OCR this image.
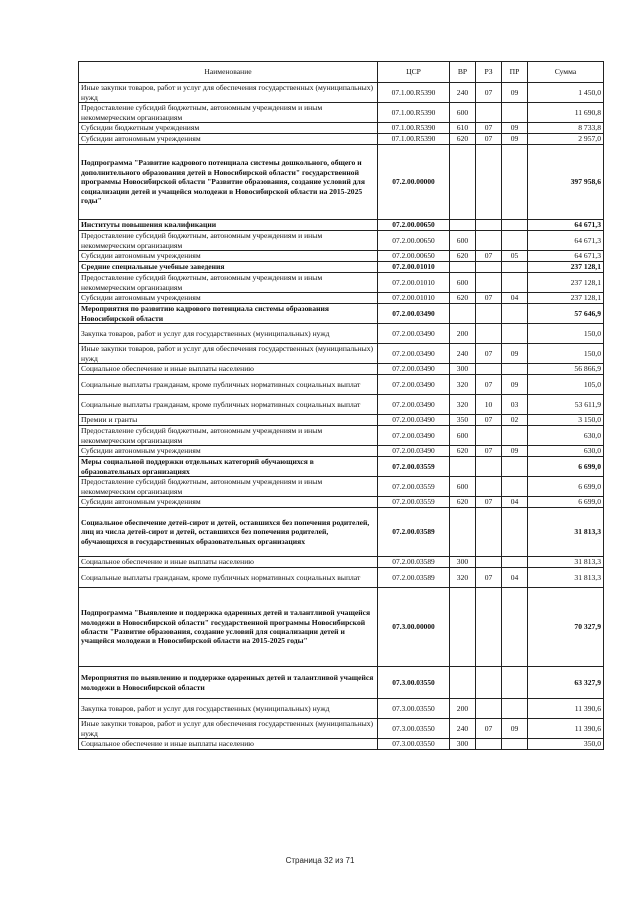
Наименование	ЦСР	ВР	РЗ	ПР	Сумма
Иные закупки товаров, работ и услуг для обеспечения государственных (муниципальных) нужд	07.1.00.R5390	240	07	09	1 450,0
Предоставление субсидий бюджетным, автономным учреждениям и иным некоммерческим организациям	07.1.00.R5390	600			11 690,8
Субсидии бюджетным учреждениям	07.1.00.R5390	610	07	09	8 733,8
Субсидии автономным учреждениям	07.1.00.R5390	620	07	09	2 957,0
Подпрограмма "Развитие кадрового потенциала системы дошкольного, общего и дополнительного образования детей в Новосибирской области" государственной программы Новосибирской области "Развитие образования, создание условий для социализации детей и учащейся молодежи в Новосибирской области на 2015-2025 годы"	07.2.00.00000				397 958,6
Институты повышения квалификации	07.2.00.00650				64 671,3
Предоставление субсидий бюджетным, автономным учреждениям и иным некоммерческим организациям	07.2.00.00650	600			64 671,3
Субсидии автономным учреждениям	07.2.00.00650	620	07	05	64 671,3
Средние специальные учебные заведения	07.2.00.01010				237 128,1
Предоставление субсидий бюджетным, автономным учреждениям и иным некоммерческим организациям	07.2.00.01010	600			237 128,1
Субсидии автономным учреждениям	07.2.00.01010	620	07	04	237 128,1
Мероприятия по развитию кадрового потенциала системы образования Новосибирской области	07.2.00.03490				57 646,9
Закупка товаров, работ и услуг для государственных (муниципальных) нужд	07.2.00.03490	200			150,0
Иные закупки товаров, работ и услуг для обеспечения государственных (муниципальных) нужд	07.2.00.03490	240	07	09	150,0
Социальное обеспечение и иные выплаты населению	07.2.00.03490	300			56 866,9
Социальные выплаты гражданам, кроме публичных нормативных социальных выплат	07.2.00.03490	320	07	09	105,0
Социальные выплаты гражданам, кроме публичных нормативных социальных выплат	07.2.00.03490	320	10	03	53 611,9
Премии и гранты	07.2.00.03490	350	07	02	3 150,0
Предоставление субсидий бюджетным, автономным учреждениям и иным некоммерческим организациям	07.2.00.03490	600			630,0
Субсидии автономным учреждениям	07.2.00.03490	620	07	09	630,0
Меры социальной поддержки отдельных категорий обучающихся в образовательных организациях	07.2.00.03559				6 699,0
Предоставление субсидий бюджетным, автономным учреждениям и иным некоммерческим организациям	07.2.00.03559	600			6 699,0
Субсидии автономным учреждениям	07.2.00.03559	620	07	04	6 699,0
Социальное обеспечение детей-сирот и детей, оставшихся без попечения родителей, лиц из числа детей-сирот и детей, оставшихся без попечения родителей, обучающихся в государственных образовательных организациях	07.2.00.03589				31 813,3
Социальное обеспечение и иные выплаты населению	07.2.00.03589	300			31 813,3
Социальные выплаты гражданам, кроме публичных нормативных социальных выплат	07.2.00.03589	320	07	04	31 813,3
Подпрограмма "Выявление и поддержка одаренных детей и талантливой учащейся молодежи в Новосибирской области" государственной программы Новосибирской области "Развитие образования, создание условий для социализации детей и учащейся молодежи в Новосибирской области на 2015-2025 годы"	07.3.00.00000				70 327,9
Мероприятия по выявлению и поддержке одаренных детей и талантливой учащейся молодежи в Новосибирской области	07.3.00.03550				63 327,9
Закупка товаров, работ и услуг для государственных (муниципальных) нужд	07.3.00.03550	200			11 390,6
Иные закупки товаров, работ и услуг для обеспечения государственных (муниципальных) нужд	07.3.00.03550	240	07	09	11 390,6
Социальное обеспечение и иные выплаты населению	07.3.00.03550	300			350,0
Страница 32 из 71
